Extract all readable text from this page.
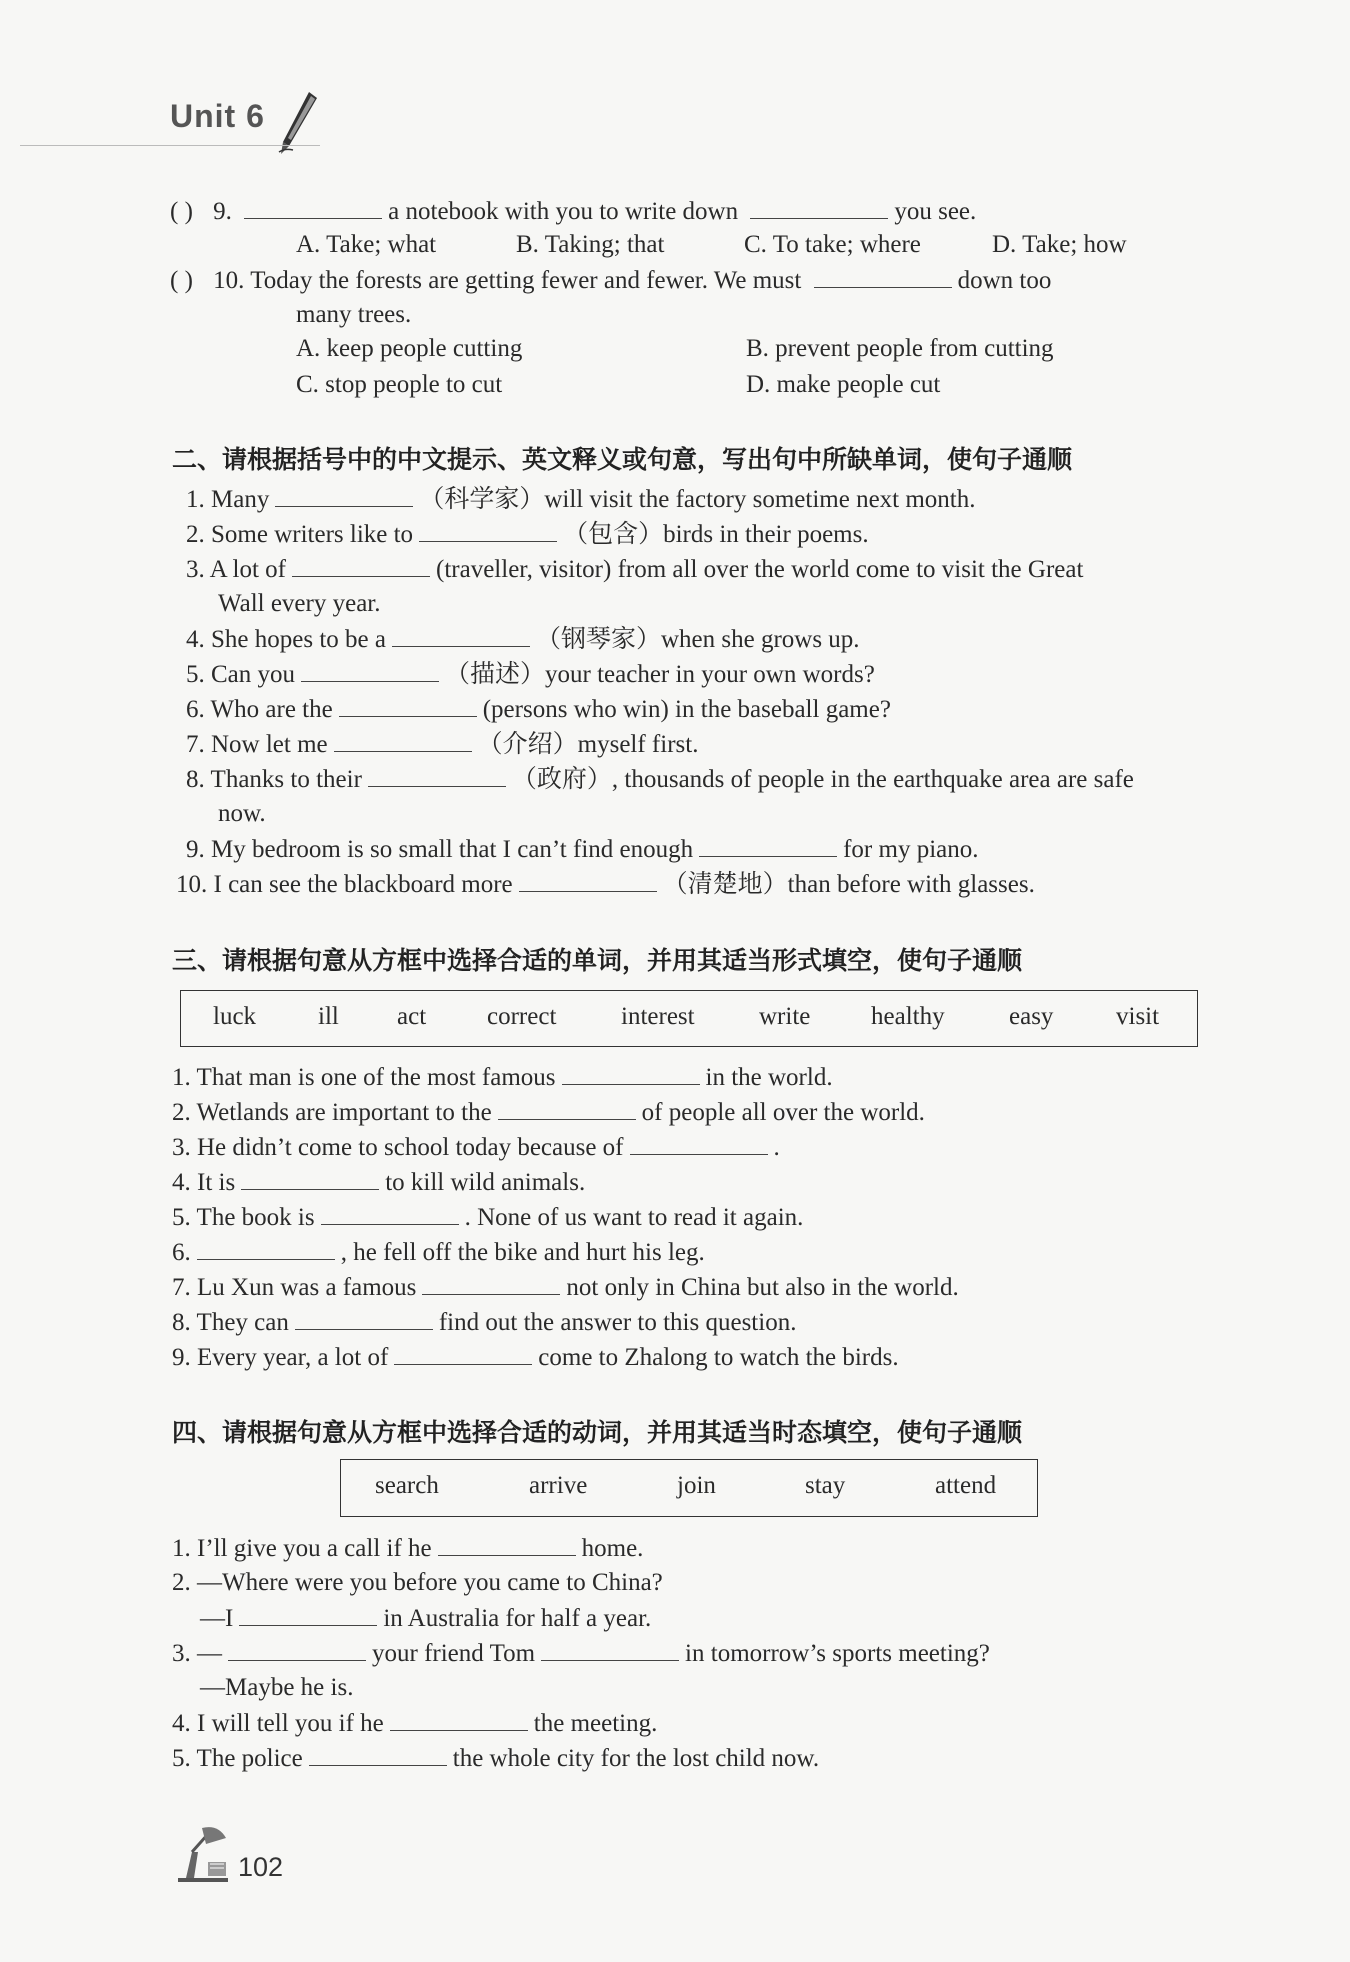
Unit 6
( ) 9.	a notebook with you to write down	you see.
A. Take; what	B. Taking; that	C. To take; where	D. Take; how
( ) 10. Today the forests are getting fewer and fewer. We must	down too
many trees.
A. keep people cutting	B. prevent people from cutting
C. stop people to cut	D. make people cut
二、请根据括号中的中文提示、英文释义或句意，写出句中所缺单词，使句子通顺
1. Many	（科学家）will visit the factory sometime next month.
2. Some writers like to	（包含）birds in their poems.
3. A lot of	(traveller, visitor) from all over the world come to visit the Great
Wall every year.
4. She hopes to be a	（钢琴家）when she grows up.
5. Can you	（描述）your teacher in your own words?
6. Who are the	(persons who win) in the baseball game?
7. Now let me	（介绍）myself first.
8. Thanks to their	（政府）, thousands of people in the earthquake area are safe
now.
9. My bedroom is so small that I can’t find enough	for my piano.
10. I can see the blackboard more	（清楚地）than before with glasses.
三、请根据句意从方框中选择合适的单词，并用其适当形式填空，使句子通顺
luck ill act correct	interest	write healthy	easy	visit
1. That man is one of the most famous	in the world.
2. Wetlands are important to the	of people all over the world.
3. He didn’t come to school today because of	.
4. It is	to kill wild animals.
5. The book is	. None of us want to read it again.
6.	, he fell off the bike and hurt his leg.
7. Lu Xun was a famous	not only in China but also in the world.
8. They can	find out the answer to this question.
9. Every year, a lot of	come to Zhalong to watch the birds.
四、请根据句意从方框中选择合适的动词，并用其适当时态填空，使句子通顺
search	arrive	join	stay	attend
1. I’ll give you a call if he	home.
2. —Where were you before you came to China?
—I	in Australia for half a year.
3. —	your friend Tom	in tomorrow’s sports meeting?
—Maybe he is.
4. I will tell you if he	the meeting.
5. The police	the whole city for the lost child now.
102
